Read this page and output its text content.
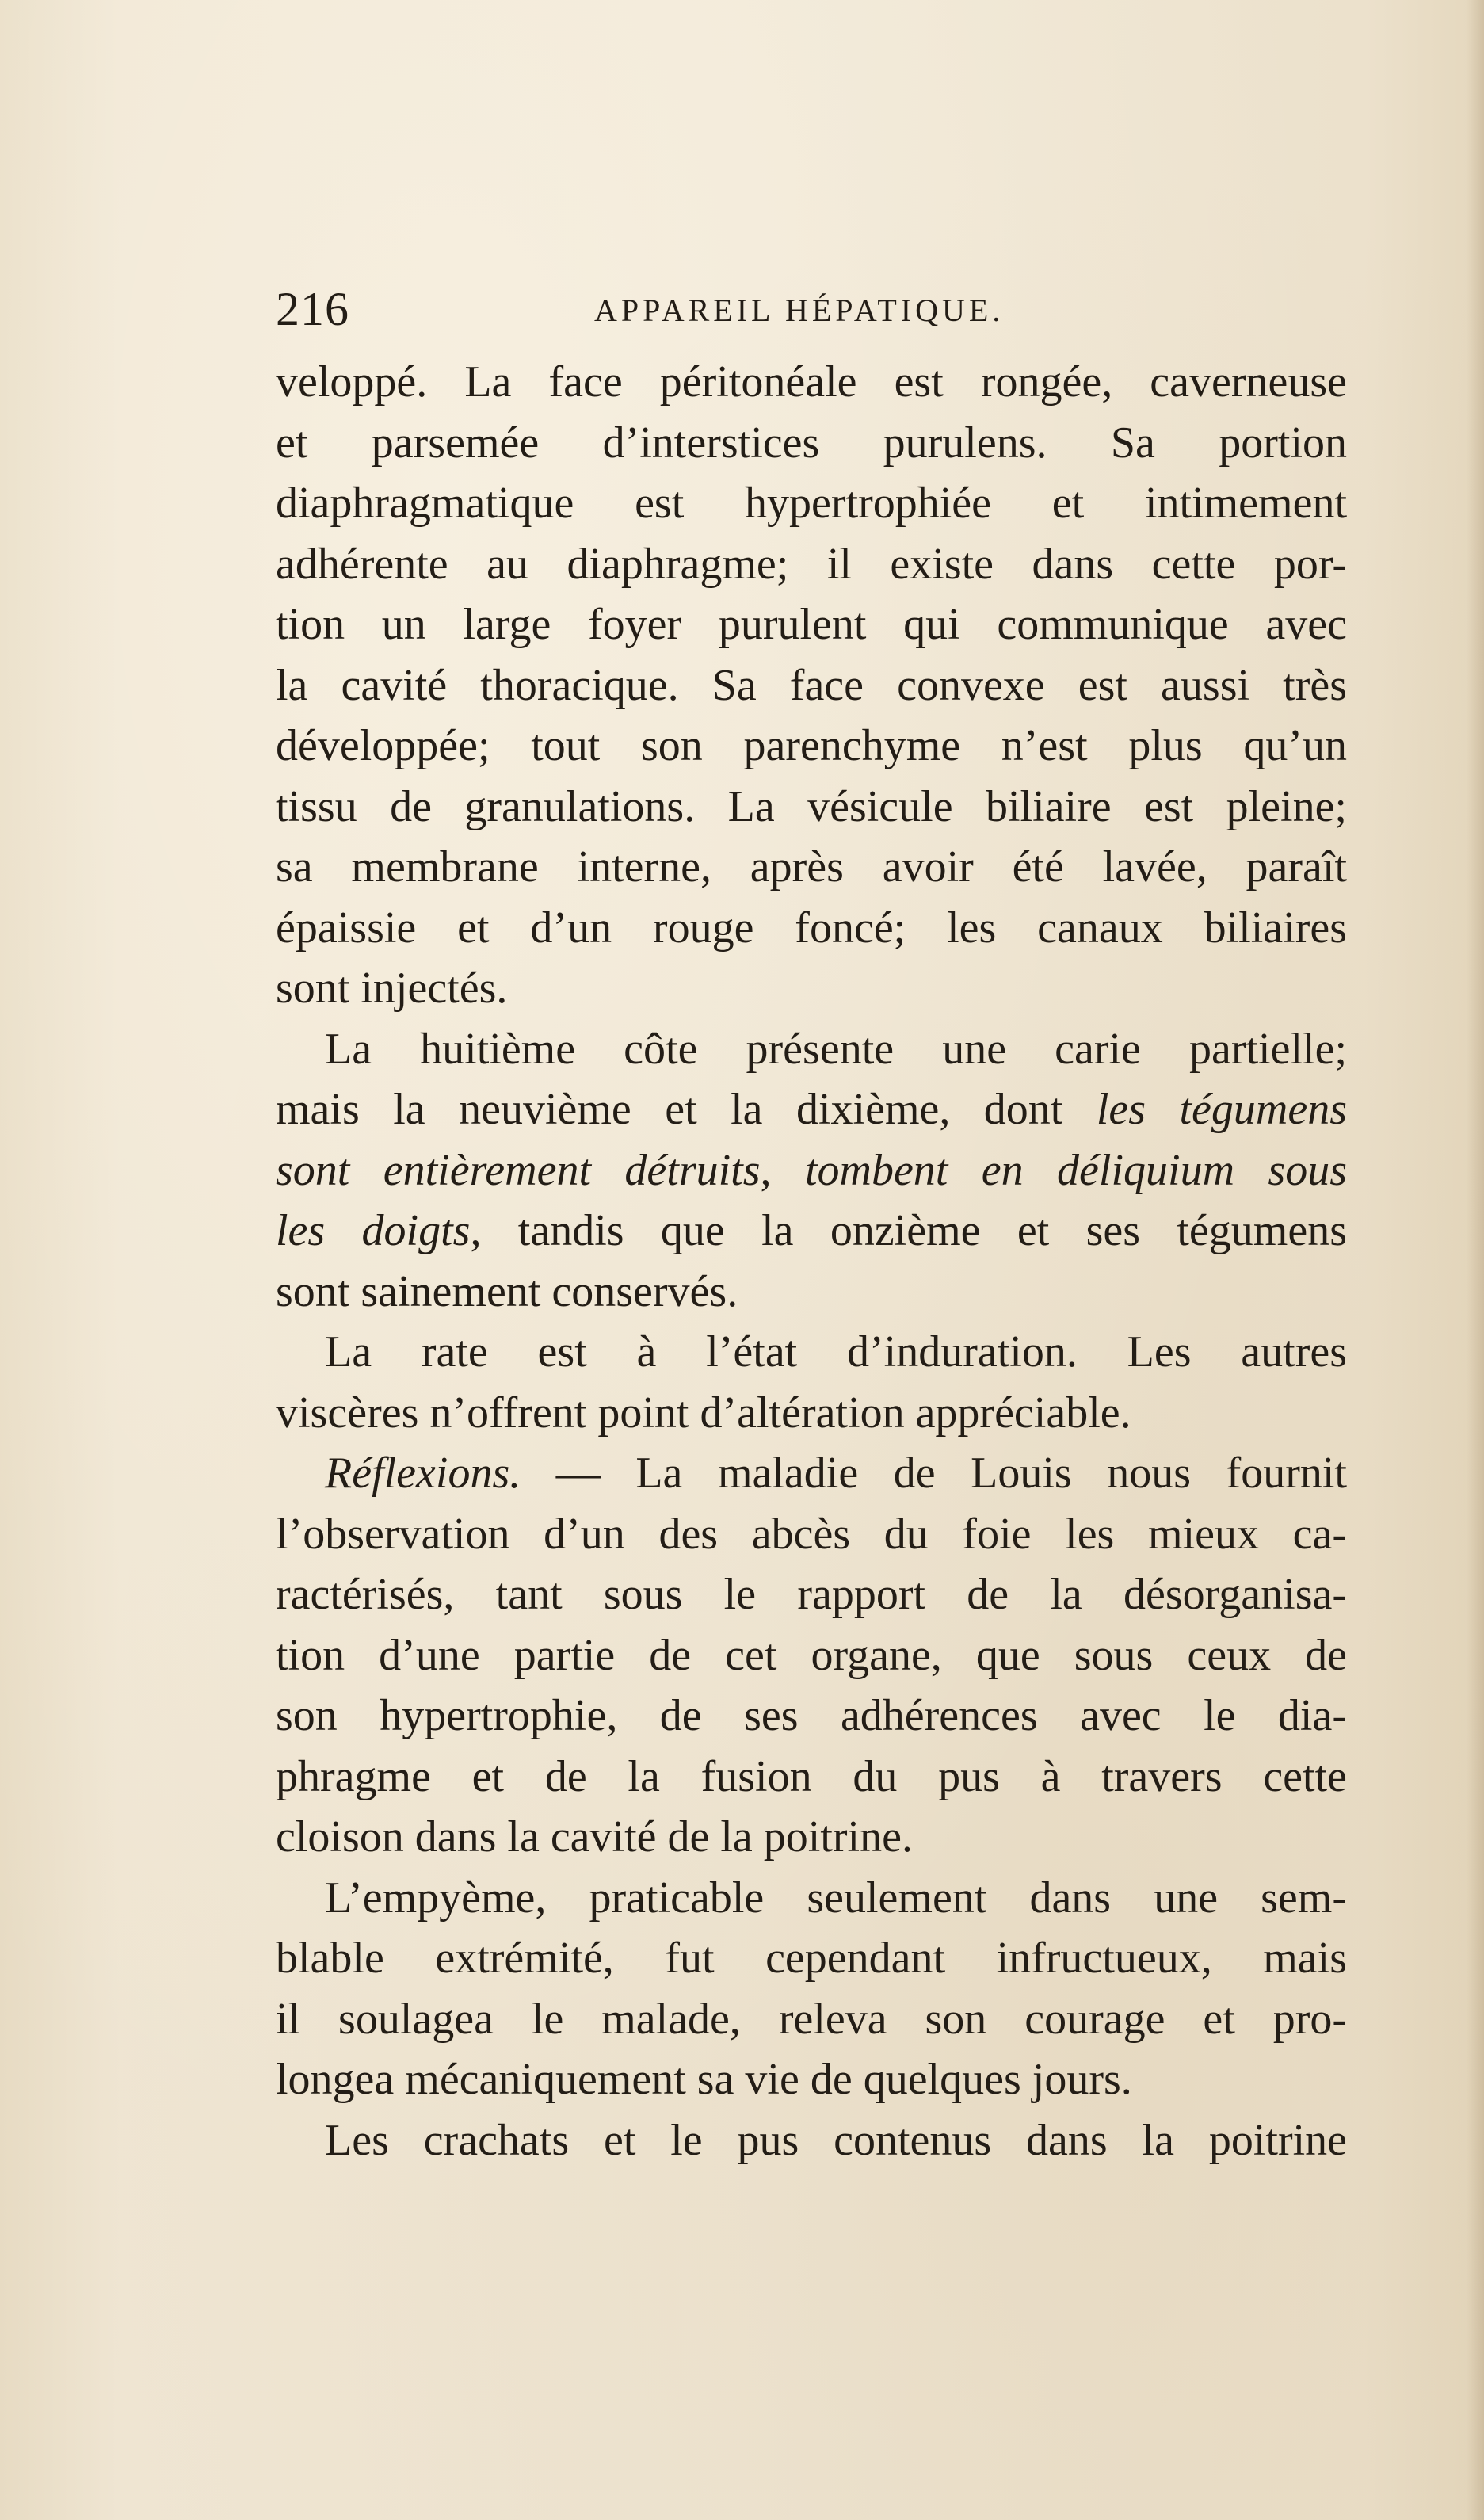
216	APPAREIL HÉPATIQUE.
veloppé. La face péritonéale est rongée, caverneuse
et parsemée d’interstices purulens. Sa portion
diaphragmatique est hypertrophiée et intimement
adhérente au diaphragme; il existe dans cette por-
tion un large foyer purulent qui communique avec
la cavité thoracique. Sa face convexe est aussi très
développée; tout son parenchyme n’est plus qu’un
tissu de granulations. La vésicule biliaire est pleine;
sa membrane interne, après avoir été lavée, paraît
épaissie et d’un rouge foncé; les canaux biliaires
sont injectés.
La huitième côte présente une carie partielle;
mais la neuvième et la dixième, dont les tégumens
sont entièrement détruits, tombent en déliquium sous
les doigts, tandis que la onzième et ses tégumens
sont sainement conservés.
La rate est à l’état d’induration. Les autres
viscères n’offrent point d’altération appréciable.
Réflexions. — La maladie de Louis nous fournit
l’observation d’un des abcès du foie les mieux ca-
ractérisés, tant sous le rapport de la désorganisa-
tion d’une partie de cet organe, que sous ceux de
son hypertrophie, de ses adhérences avec le dia-
phragme et de la fusion du pus à travers cette
cloison dans la cavité de la poitrine.
L’empyème, praticable seulement dans une sem-
blable extrémité, fut cependant infructueux, mais
il soulagea le malade, releva son courage et pro-
longea mécaniquement sa vie de quelques jours.
Les crachats et le pus contenus dans la poitrine
